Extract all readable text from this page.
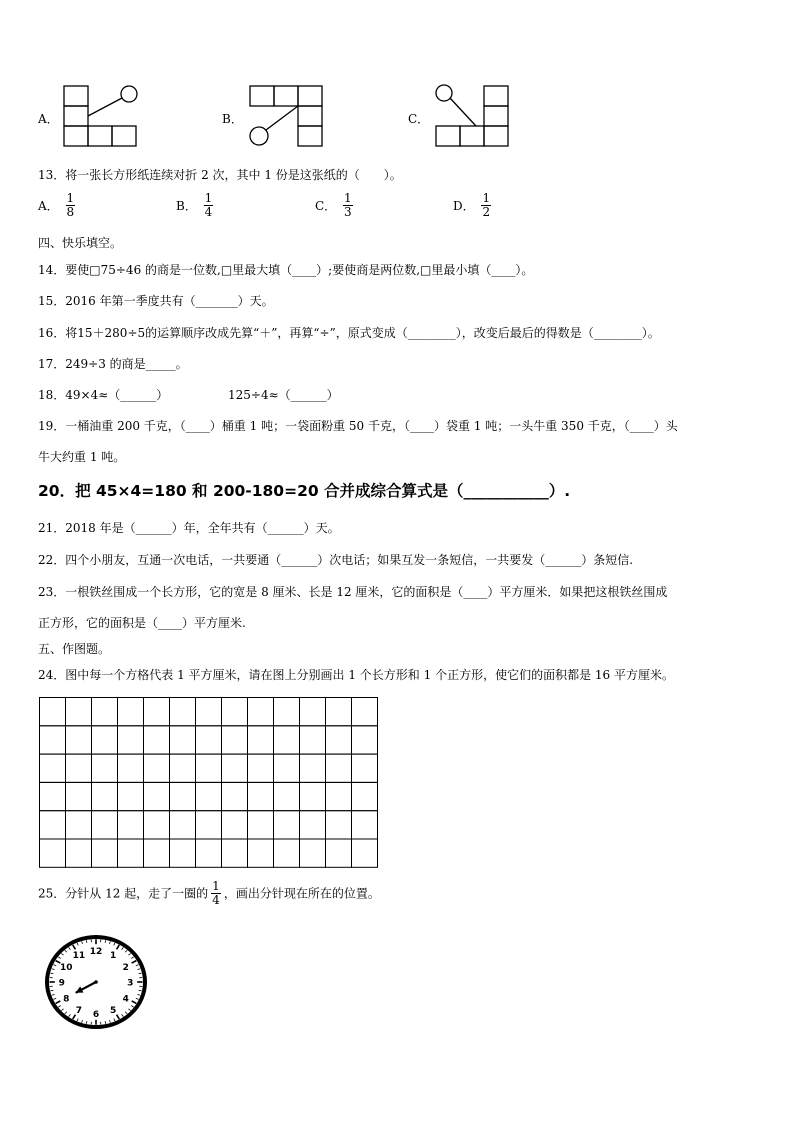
A．	B．	C．
13．将一张长方形纸连续对折 2 次，其中 1 份是这张纸的（　　）。
A． $\frac{1}{8}$	B． $\frac{1}{4}$	C． $\frac{1}{3}$	D． $\frac{1}{2}$
四、快乐填空。
14．要使□75÷46 的商是一位数,□里最大填（____）;要使商是两位数,□里最小填（____）。
15．2016 年第一季度共有（_______）天。
16．将15＋280÷5的运算顺序改成先算“＋”，再算“÷”，原式变成（________），改变后最后的得数是（________）。
17．249÷3 的商是_____。
18．49×4≈（______）	125÷4≈（______）
19．一桶油重 200 千克，（____）桶重 1 吨；一袋面粉重 50 千克，（____）袋重 1 吨；一头牛重 350 千克，（____）头
牛大约重 1 吨。
20．把 45×4=180 和 200-180=20 合并成综合算式是（___________）.
21．2018 年是（______）年，全年共有（______）天。
22．四个小朋友，互通一次电话，一共要通（______）次电话；如果互发一条短信，一共要发（______）条短信.
23．一根铁丝围成一个长方形，它的宽是 8 厘米、长是 12 厘米，它的面积是（____）平方厘米．如果把这根铁丝围成
正方形，它的面积是（____）平方厘米.
五、作图题。
24．图中每一个方格代表 1 平方厘米，请在图上分别画出 1 个长方形和 1 个正方形，使它们的面积都是 16 平方厘米。
25．分针从 12 起，走了一圈的 $\frac{1}{4}$ ，画出分针现在所在的位置。
12 1
2
3
4
5
6
7
8
9
10
11
